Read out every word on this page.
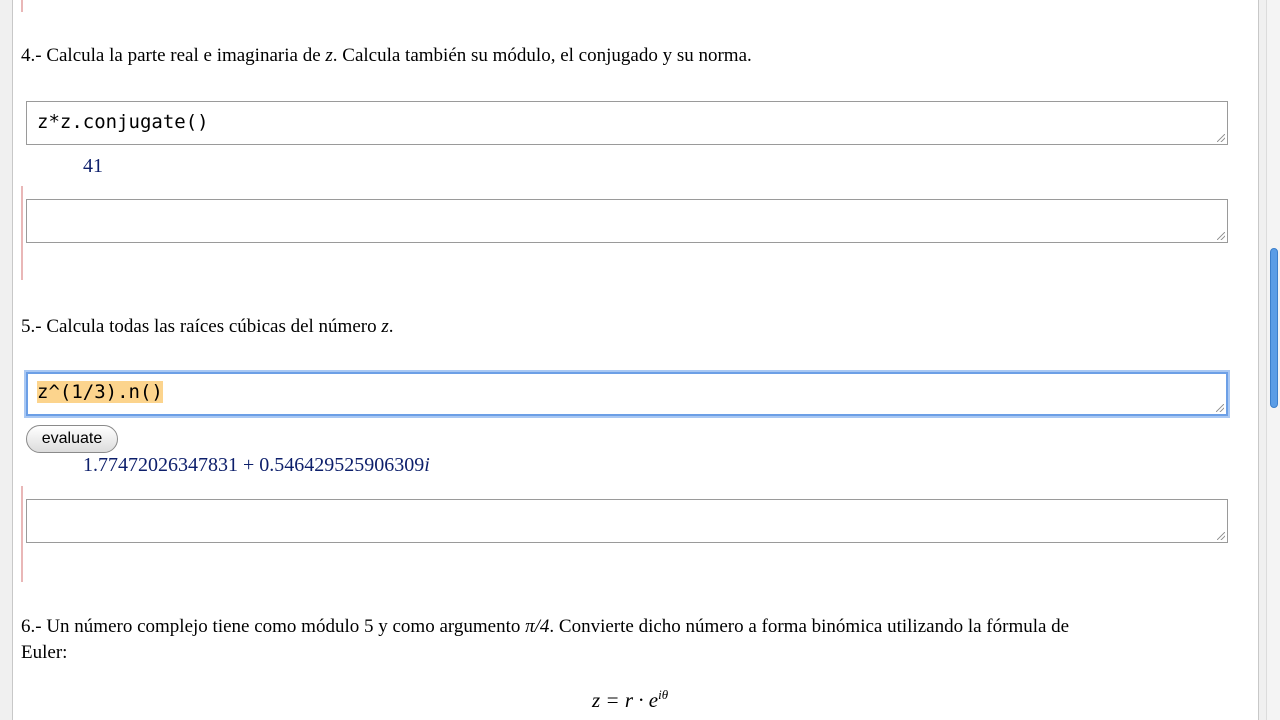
4.- Calcula la parte real e imaginaria de z. Calcula también su módulo, el conjugado y su norma.
z*z.conjugate()
41
5.- Calcula todas las raíces cúbicas del número z.
z^(1/3).n()
evaluate
1.77472026347831 + 0.546429525906309i
6.- Un número complejo tiene como módulo 5 y como argumento π/4. Convierte dicho número a forma binómica utilizando la fórmula de
Euler:
$z = r \cdot e^{i\theta}$
